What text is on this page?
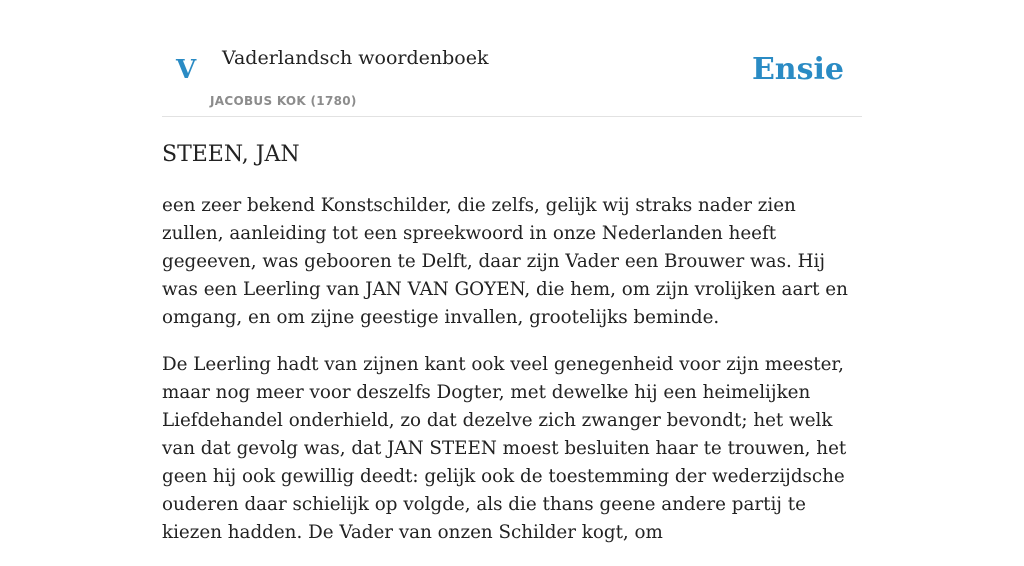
V Vaderlandsch woordenboek
JACOBUS KOK (1780)
Ensie
STEEN, JAN

een zeer bekend Konstschilder, die zelfs, gelijk wij straks nader zien zullen, aanleiding tot een spreekwoord in onze Nederlanden heeft gegeeven, was gebooren te Delft, daar zijn Vader een Brouwer was. Hij was een Leerling van JAN VAN GOYEN, die hem, om zijn vrolijken aart en omgang, en om zijne geestige invallen, grootelijks beminde.

De Leerling hadt van zijnen kant ook veel genegenheid voor zijn meester, maar nog meer voor deszelfs Dogter, met dewelke hij een heimelijken Liefdehandel onderhield, zo dat dezelve zich zwanger bevondt; het welk van dat gevolg was, dat JAN STEEN moest besluiten haar te trouwen, het geen hij ook gewillig deedt: gelijk ook de toestemming der wederzijdsche ouderen daar schielijk op volgde, als die thans geene andere partij te kiezen hadden. De Vader van onzen Schilder kogt, om
